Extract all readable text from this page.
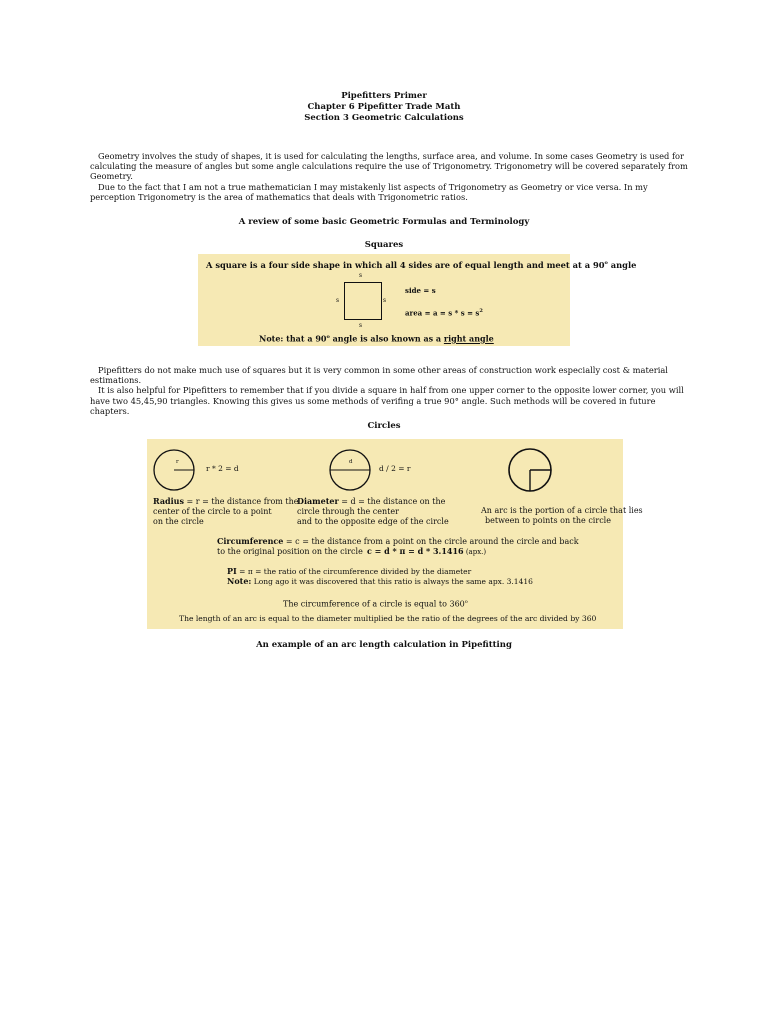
Pipefitters Primer
Chapter 6 Pipefitter Trade Math
Section 3 Geometric Calculations

Geometry involves the study of shapes, it is used for calculating the lengths, surface area, and volume. In some cases Geometry is used for calculating the measure of angles but some angle calculations require the use of Trigonometry. Trigonometry will be covered separately from Geometry.

Due to the fact that I am not a true mathematician I may mistakenly list aspects of Trigonometry as Geometry or vice versa. In my perception Trigonometry is the area of mathematics that deals with Trigonometric ratios.

A review of some basic Geometric Formulas and Terminology
Squares
A square is a four side shape in which all 4 sides are of equal length and meet at a 90$^o$ angle
s
s	s
s
side = s
area = $a = s * s = s^2$
Note: that a 90$^o$ angle is also known as a right angle

Pipefitters do not make much use of squares but it is very common in some other areas of construction work especially cost & material estimations.

It is also helpful for Pipefitters to remember that if you divide a square in half from one upper corner to the opposite lower corner, you will have two 45,45,90 triangles. Knowing this gives us some methods of verifing a true 90° angle. Such methods will be covered in future chapters.

Circles
r
r * 2 = d
d
d / 2 = r
Radius = r = the distance from the
center of the circle to a point
on the circle
Diameter = d = the distance on the
circle through the center
and to the opposite edge of the circle
An arc is the portion of a circle that lies
between to points on the circle
Circumference = c = the distance from a point on the circle around the circle and back
to the original position on the circle c = d * π = d * 3.1416 (apx.)
PI = π = the ratio of the circumference divided by the diameter
Note: Long ago it was discovered that this ratio is always the same apx. 3.1416
The circumference of a circle is equal to 360$^o$
The length of an arc is equal to the diameter multiplied be the ratio of the degrees of the arc divided by 360
An example of an arc length calculation in Pipefitting
